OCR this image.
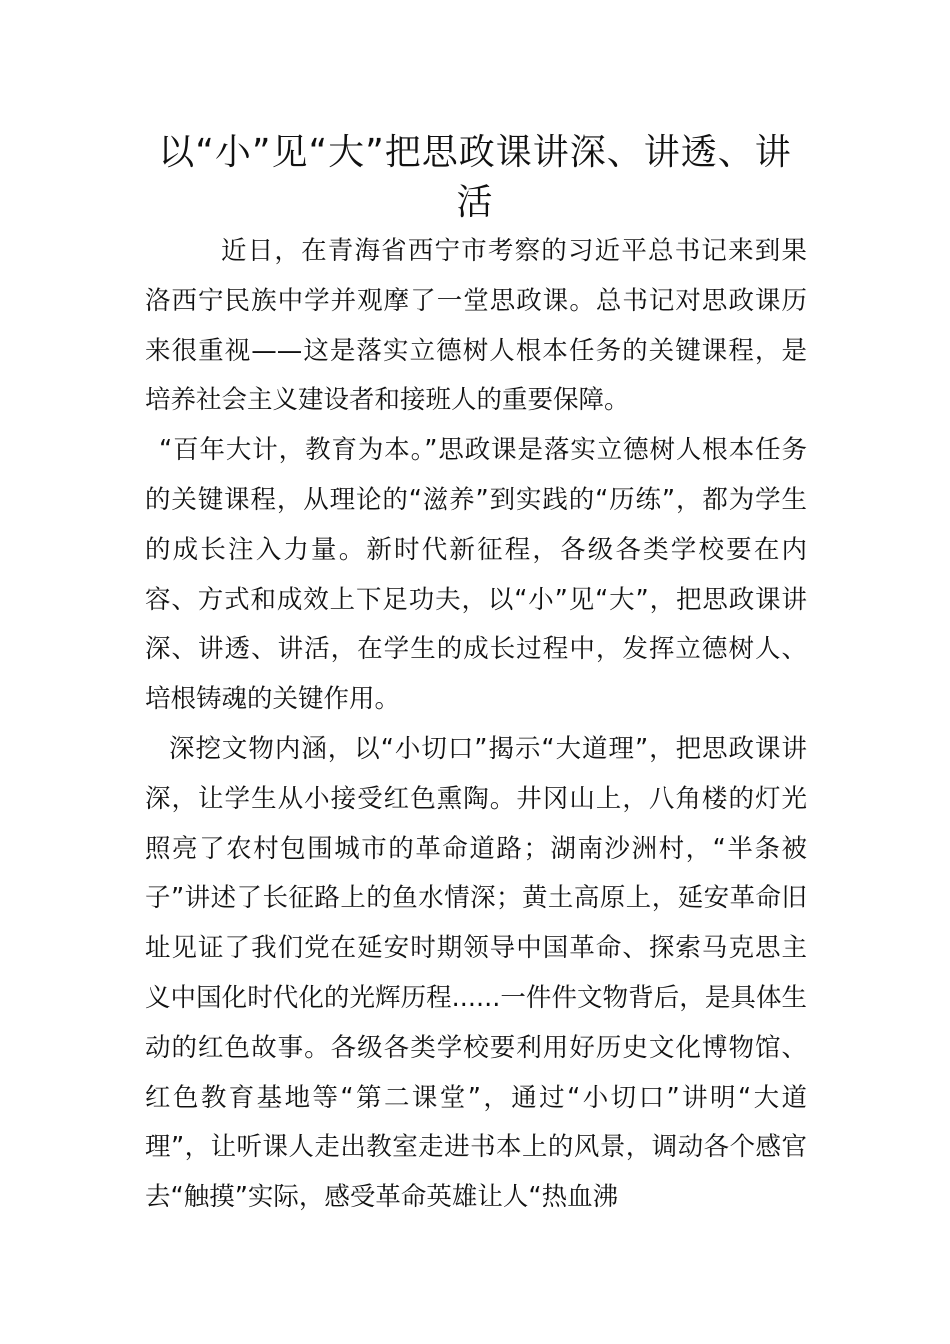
以“小”见“大”把思政课讲深、讲透、讲活

近日，在青海省西宁市考察的习近平总书记来到果洛西宁民族中学并观摩了一堂思政课。总书记对思政课历来很重视——这是落实立德树人根本任务的关键课程，是培养社会主义建设者和接班人的重要保障。

“百年大计，教育为本。”思政课是落实立德树人根本任务的关键课程，从理论的“滋养”到实践的“历练”，都为学生的成长注入力量。新时代新征程，各级各类学校要在内容、方式和成效上下足功夫，以“小”见“大”，把思政课讲深、讲透、讲活，在学生的成长过程中，发挥立德树人、培根铸魂的关键作用。

深挖文物内涵，以“小切口”揭示“大道理”，把思政课讲深，让学生从小接受红色熏陶。井冈山上，八角楼的灯光照亮了农村包围城市的革命道路；湖南沙洲村，“半条被子”讲述了长征路上的鱼水情深；黄土高原上，延安革命旧址见证了我们党在延安时期领导中国革命、探索马克思主义中国化时代化的光辉历程......一件件文物背后，是具体生动的红色故事。各级各类学校要利用好历史文化博物馆、红色教育基地等“第二课堂”，通过“小切口”讲明“大道理”，让听课人走出教室走进书本上的风景，调动各个感官去“触摸”实际，感受革命英雄让人“热血沸
